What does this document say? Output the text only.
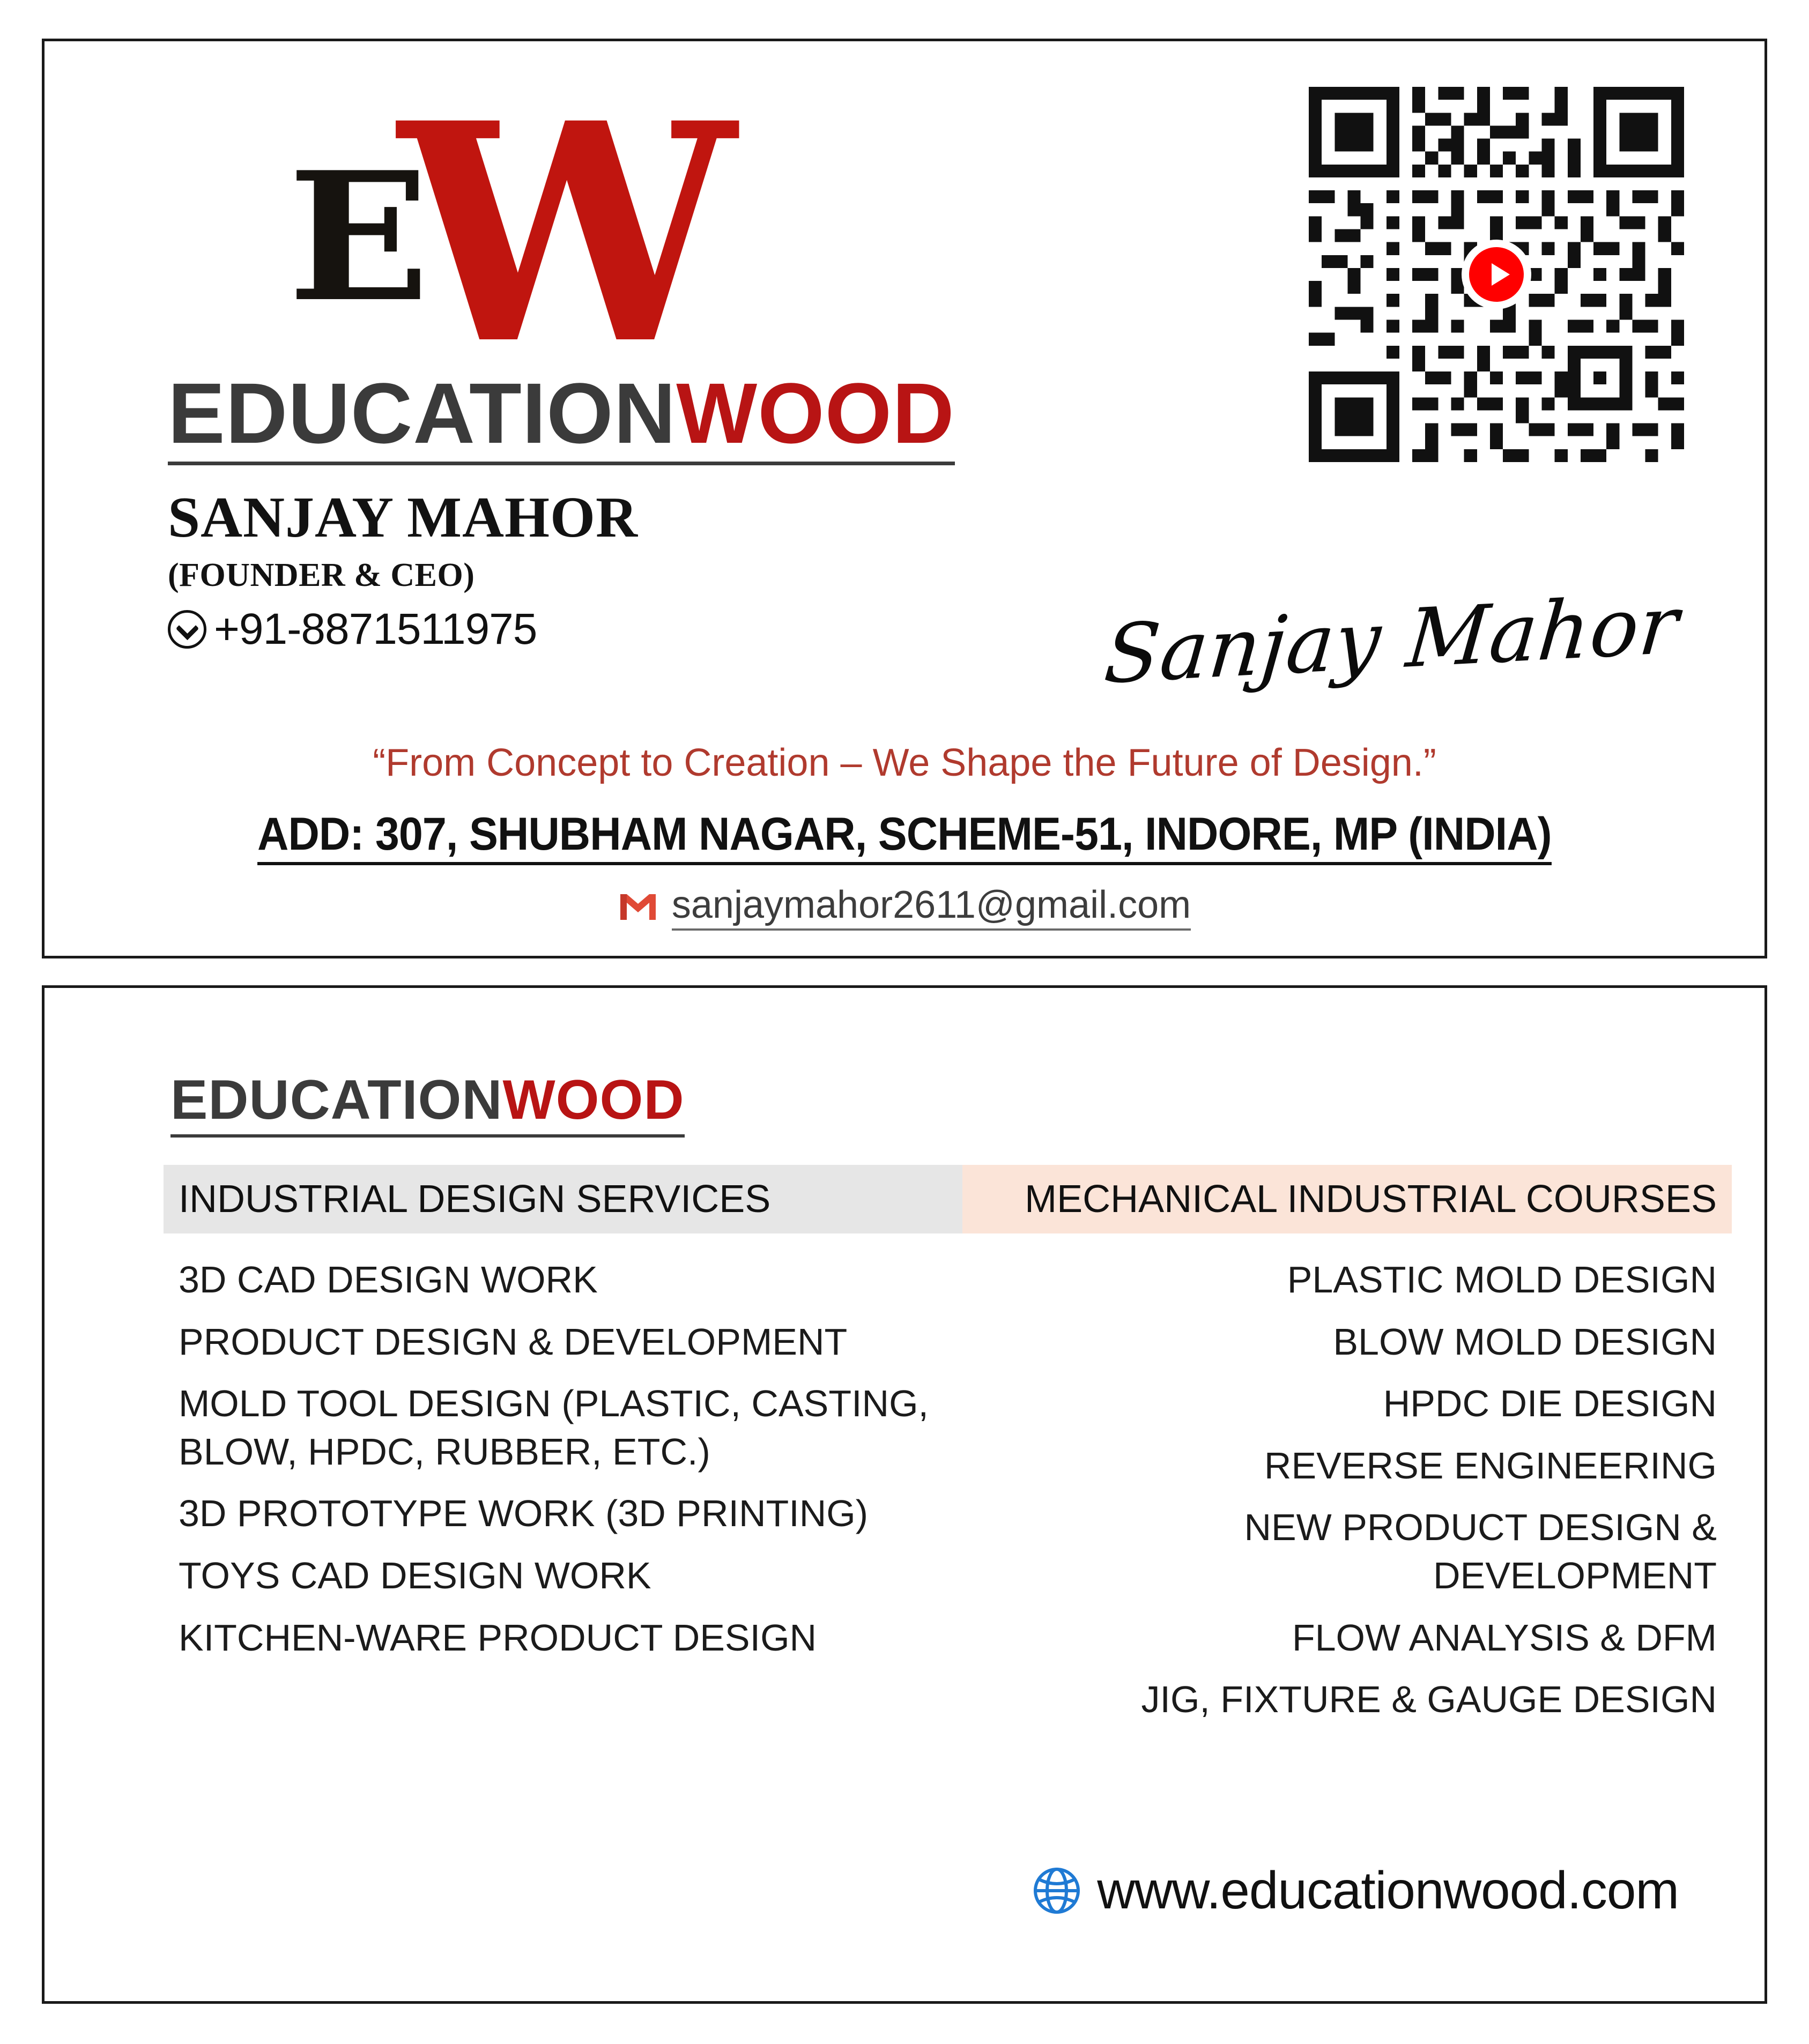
E
W
EDUCATIONWOOD
SANJAY MAHOR
(FOUNDER & CEO)
+91-8871511975	Sanjay Mahor
“From Concept to Creation – We Shape the Future of Design.”
ADD: 307, SHUBHAM NAGAR, SCHEME-51, INDORE, MP (INDIA)
sanjaymahor2611@gmail.com
EDUCATIONWOOD
INDUSTRIAL DESIGN SERVICES	MECHANICAL INDUSTRIAL COURSES
3D CAD DESIGN WORK
PRODUCT DESIGN & DEVELOPMENT
MOLD TOOL DESIGN (PLASTIC, CASTING, BLOW, HPDC, RUBBER, ETC.)
3D PROTOTYPE WORK (3D PRINTING)
TOYS CAD DESIGN WORK
KITCHEN-WARE PRODUCT DESIGN
PLASTIC MOLD DESIGN
BLOW MOLD DESIGN
HPDC DIE DESIGN
REVERSE ENGINEERING
NEW PRODUCT DESIGN & DEVELOPMENT
FLOW ANALYSIS & DFM
JIG, FIXTURE & GAUGE DESIGN
www.educationwood.com
